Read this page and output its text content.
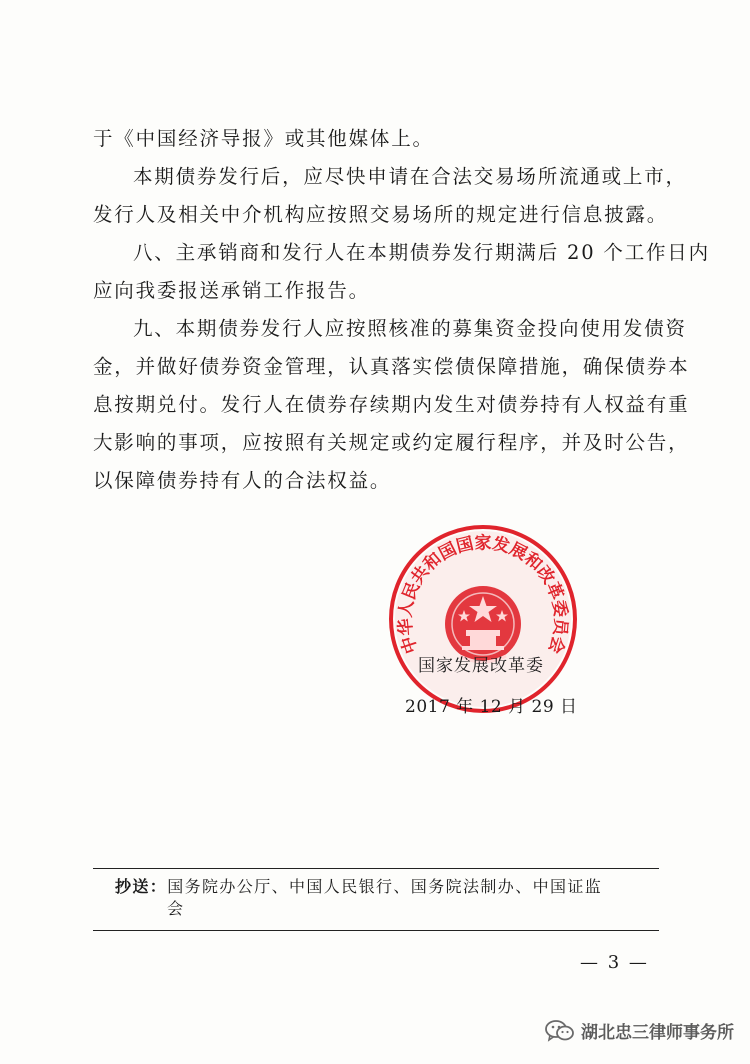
于《中国经济导报》或其他媒体上。
本期债券发行后，应尽快申请在合法交易场所流通或上市，
发行人及相关中介机构应按照交易场所的规定进行信息披露。
八、主承销商和发行人在本期债券发行期满后 20 个工作日内
应向我委报送承销工作报告。
九、本期债券发行人应按照核准的募集资金投向使用发债资
金，并做好债券资金管理，认真落实偿债保障措施，确保债券本
息按期兑付。发行人在债券存续期内发生对债券持有人权益有重
大影响的事项，应按照有关规定或约定履行程序，并及时公告，
以保障债券持有人的合法权益。
中华人民共和国国家发展和改革委员会
国家发展改革委
2017 年 12 月 29 日
抄送：国务院办公厅、中国人民银行、国务院法制办、中国证监
会
— 3 —
湖北忠三律师事务所
